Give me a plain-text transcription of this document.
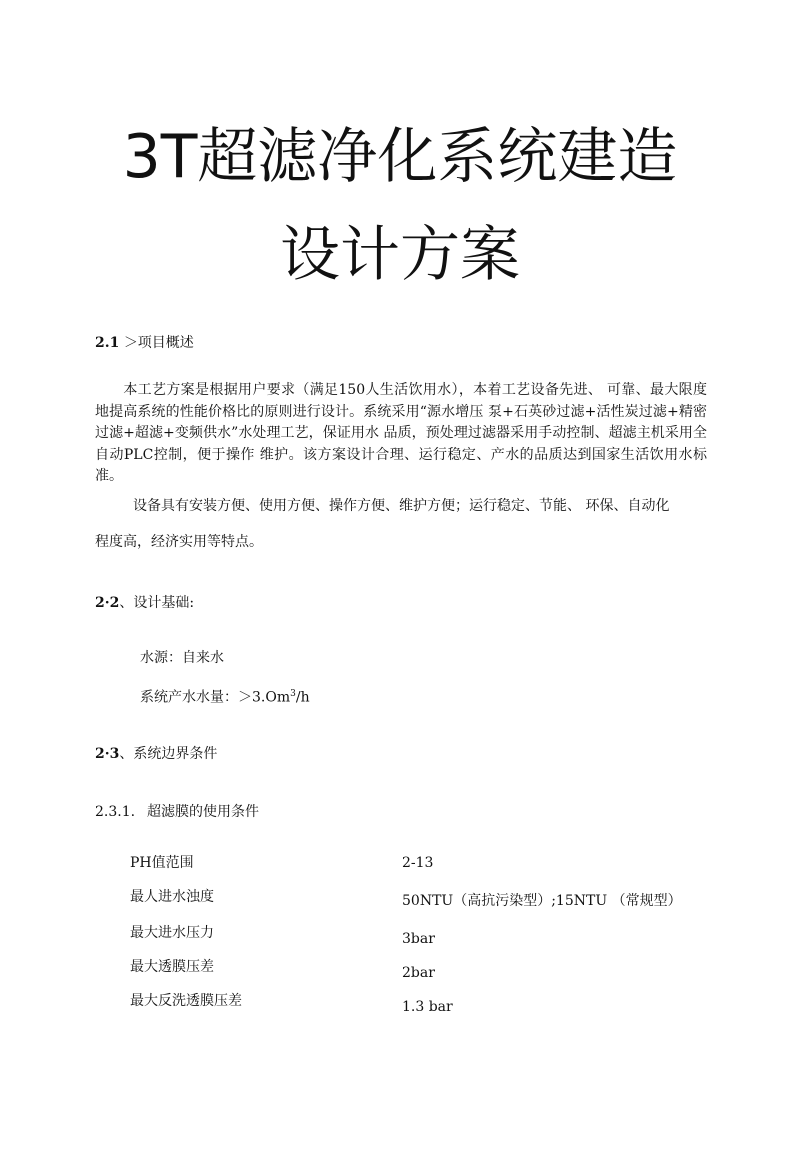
3T超滤净化系统建造
设计方案
2.1 ＞项目概述
本工艺方案是根据用户要求（满足150人生活饮用水），本着工艺设备先进、 可靠、最大限度地提高系统的性能价格比的原则进行设计。系统采用“源水增压 泵+石英砂过滤+活性炭过滤+精密过滤+超滤+变频供水”水处理工艺，保证用水 品质，预处理过滤器采用手动控制、超滤主机采用全自动PLC控制，便于操作 维护。该方案设计合理、运行稳定、产水的品质达到国家生活饮用水标准。
设备具有安装方便、使用方便、操作方便、维护方便；运行稳定、节能、 环保、自动化
程度高，经济实用等特点。
2·2、设计基础:
水源：自来水
系统产水水量：$>3.Om^3/h$
2·3、系统边界条件
2.3.1. 超滤膜的使用条件
PH值范围	2-13
最人进水浊度	50NTU（高抗污染型）;15NTU （常规型）
最大进水压力	3bar
最大透膜压差	2bar
最大反洗透膜压差	1.3 bar
